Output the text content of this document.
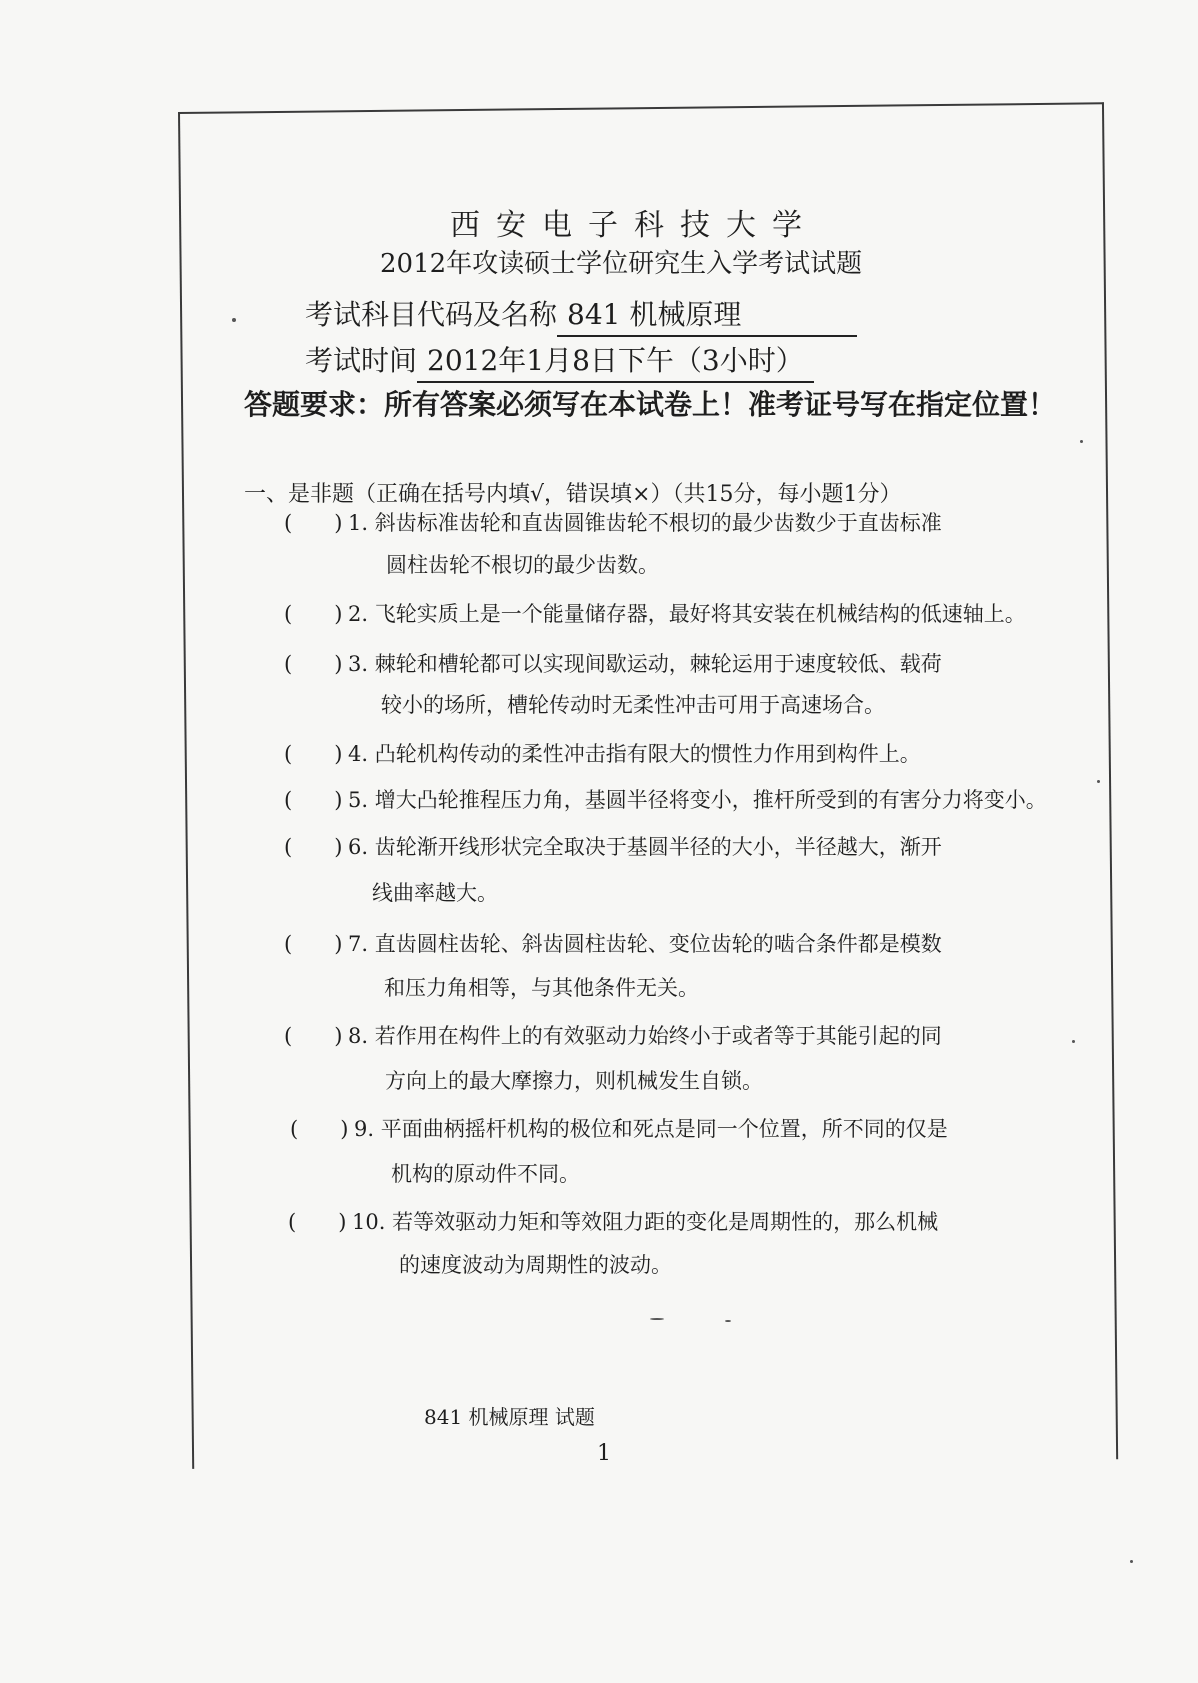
西安电子科技大学
2012年攻读硕士学位研究生入学考试试题
考试科目代码及名称 841 机械原理
考试时间 2012年1月8日下午（3小时）
答题要求：所有答案必须写在本试卷上！准考证号写在指定位置！
一、是非题（正确在括号内填√，错误填×）（共15分，每小题1分）
(　　) 1. 斜齿标准齿轮和直齿圆锥齿轮不根切的最少齿数少于直齿标准
圆柱齿轮不根切的最少齿数。
(　　) 2. 飞轮实质上是一个能量储存器，最好将其安装在机械结构的低速轴上。
(　　) 3. 棘轮和槽轮都可以实现间歇运动，棘轮运用于速度较低、载荷
较小的场所，槽轮传动时无柔性冲击可用于高速场合。
(　　) 4. 凸轮机构传动的柔性冲击指有限大的惯性力作用到构件上。
(　　) 5. 增大凸轮推程压力角，基圆半径将变小，推杆所受到的有害分力将变小。
(　　) 6. 齿轮渐开线形状完全取决于基圆半径的大小，半径越大，渐开
线曲率越大。
(　　) 7. 直齿圆柱齿轮、斜齿圆柱齿轮、变位齿轮的啮合条件都是模数
和压力角相等，与其他条件无关。
(　　) 8. 若作用在构件上的有效驱动力始终小于或者等于其能引起的同
方向上的最大摩擦力，则机械发生自锁。
(　　) 9. 平面曲柄摇杆机构的极位和死点是同一个位置，所不同的仅是
机构的原动件不同。
(　　) 10. 若等效驱动力矩和等效阻力距的变化是周期性的，那么机械
的速度波动为周期性的波动。
841 机械原理 试题
1
